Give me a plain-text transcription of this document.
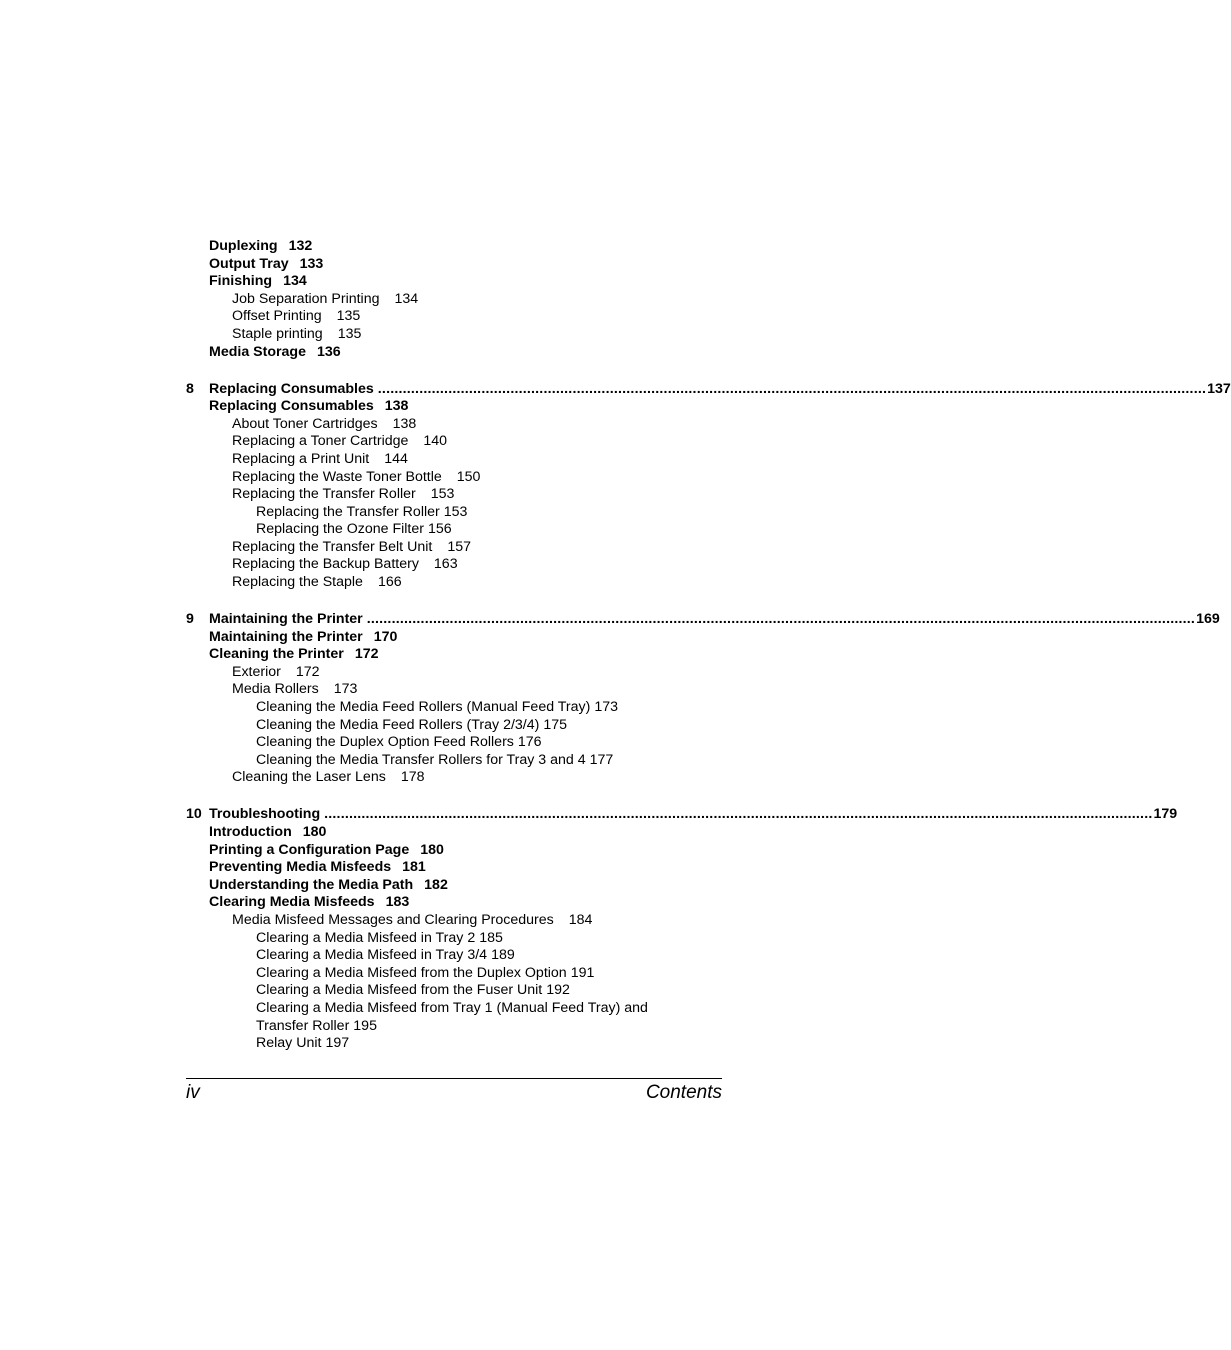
Duplexing 132
Output Tray 133
Finishing 134
Job Separation Printing 134
Offset Printing 135
Staple printing 135
Media Storage 136
8	Replacing Consumables ........................................................................................................................................................................................................ 137
Replacing Consumables 138
About Toner Cartridges 138
Replacing a Toner Cartridge 140
Replacing a Print Unit 144
Replacing the Waste Toner Bottle 150
Replacing the Transfer Roller 153
Replacing the Transfer Roller 153
Replacing the Ozone Filter 156
Replacing the Transfer Belt Unit 157
Replacing the Backup Battery 163
Replacing the Staple 166
9	Maintaining the Printer ........................................................................................................................................................................................................ 169
Maintaining the Printer 170
Cleaning the Printer 172
Exterior 172
Media Rollers 173
Cleaning the Media Feed Rollers (Manual Feed Tray) 173
Cleaning the Media Feed Rollers (Tray 2/3/4) 175
Cleaning the Duplex Option Feed Rollers 176
Cleaning the Media Transfer Rollers for Tray 3 and 4 177
Cleaning the Laser Lens 178
10 Troubleshooting ........................................................................................................................................................................................................ 179
Introduction 180
Printing a Configuration Page 180
Preventing Media Misfeeds 181
Understanding the Media Path 182
Clearing Media Misfeeds 183
Media Misfeed Messages and Clearing Procedures 184
Clearing a Media Misfeed in Tray 2 185
Clearing a Media Misfeed in Tray 3/4 189
Clearing a Media Misfeed from the Duplex Option 191
Clearing a Media Misfeed from the Fuser Unit 192
Clearing a Media Misfeed from Tray 1 (Manual Feed Tray) and
Transfer Roller 195
Relay Unit 197
iv	Contents
